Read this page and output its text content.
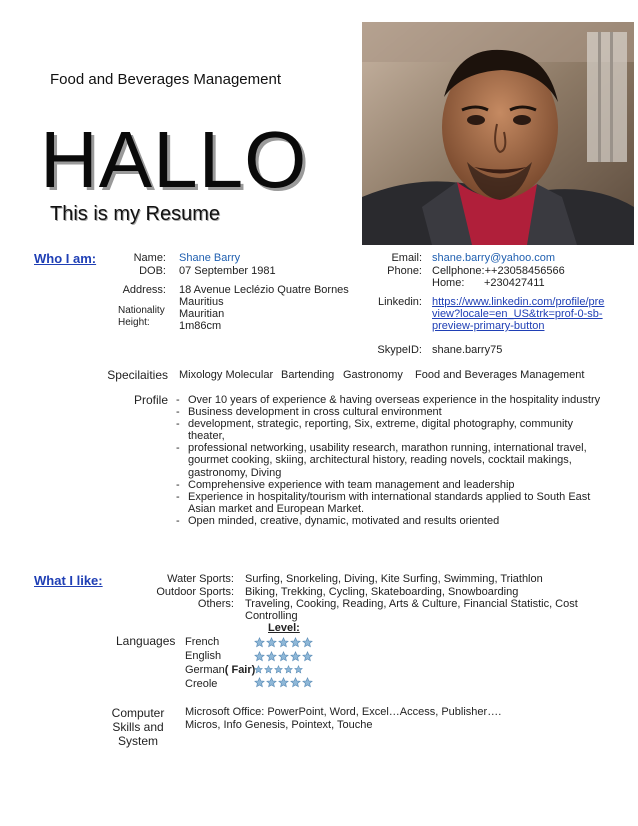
Food and Beverages Management
HALLO
This is my Resume
Who I am:	Name: Shane Barry
DOB: 07 September 1981
Address: 18 Avenue Leclézio Quatre Bornes
Mauritius
Nationality Mauritian
Height:	1m86cm
Email: shane.barry@yahoo.com
Phone: Cellphone:++23058456566
Home: +230427411
Linkedin: https://www.linkedin.com/profile/pre
view?locale=en_US&trk=prof-0-sb-
preview-primary-button
SkypeID: shane.barry75
Specilaities Mixology Molecular Bartending Gastronomy Food and Beverages Management
Profile
-	Over 10 years of experience & having overseas experience in the hospitality industry
- Business development in cross cultural environment
- development, strategic, reporting, Six, extreme, digital photography, community theater,
- professional networking, usability research, marathon running, international travel, gourmet cooking, skiing, architectural history, reading novels, cocktail makings, gastronomy, Diving
- Comprehensive experience with team management and leadership
- Experience in hospitality/tourism with international standards applied to South East Asian market and European Market.
- Open minded, creative, dynamic, motivated and results oriented
What I like:	Water Sports: Surfing, Snorkeling, Diving, Kite Surfing, Swimming, Triathlon
Outdoor Sports: Biking, Trekking, Cycling, Skateboarding, Snowboarding
Others: Traveling, Cooking, Reading, Arts & Culture, Financial Statistic, Cost
Controlling
Level:
Languages French
English
German( Fair)
Creole
Computer
Skills and
System
Microsoft Office: PowerPoint, Word, Excel…Access, Publisher….
Micros, Info Genesis, Pointext, Touche
